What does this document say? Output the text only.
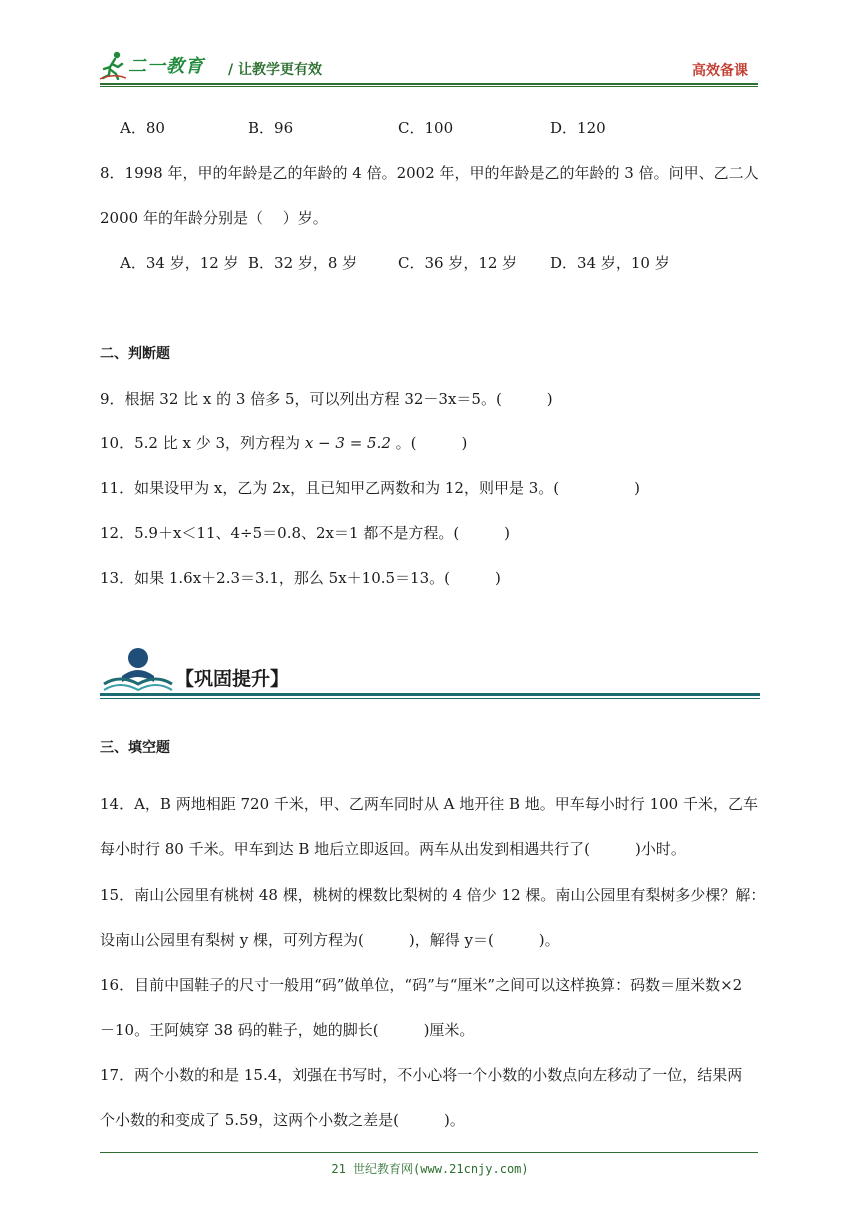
二一教育 / 让教学更有效	高效备课
A．80	B．96	C．100	D．120
8．1998 年，甲的年龄是乙的年龄的 4 倍。2002 年，甲的年龄是乙的年龄的 3 倍。问甲、乙二人
2000 年的年龄分别是（　 ）岁。
A．34 岁，12 岁 B．32 岁，8 岁	C．36 岁，12 岁 D．34 岁，10 岁
二、判断题
9．根据 32 比 x 的 3 倍多 5，可以列出方程 32－3x＝5。(　　　)
10．5.2 比 x 少 3，列方程为 x − 3 = 5.2 。(　　　)
11．如果设甲为 x，乙为 2x，且已知甲乙两数和为 12，则甲是 3。(　　　　　)
12．5.9＋x＜11、4÷5＝0.8、2x＝1 都不是方程。(　　　)
13．如果 1.6x＋2.3＝3.1，那么 5x＋10.5＝13。(　　　)
【巩固提升】
三、填空题
14．A，B 两地相距 720 千米，甲、乙两车同时从 A 地开往 B 地。甲车每小时行 100 千米，乙车
每小时行 80 千米。甲车到达 B 地后立即返回。两车从出发到相遇共行了(　　　)小时。
15．南山公园里有桃树 48 棵，桃树的棵数比梨树的 4 倍少 12 棵。南山公园里有梨树多少棵？解：
设南山公园里有梨树 y 棵，可列方程为(　　　)，解得 y＝(　　　)。
16．目前中国鞋子的尺寸一般用“码”做单位，“码”与“厘米”之间可以这样换算：码数＝厘米数×2
－10。王阿姨穿 38 码的鞋子，她的脚长(　　　)厘米。
17．两个小数的和是 15.4，刘强在书写时，不小心将一个小数的小数点向左移动了一位，结果两
个小数的和变成了 5.59，这两个小数之差是(　　　)。
21 世纪教育网(www.21cnjy.com)
